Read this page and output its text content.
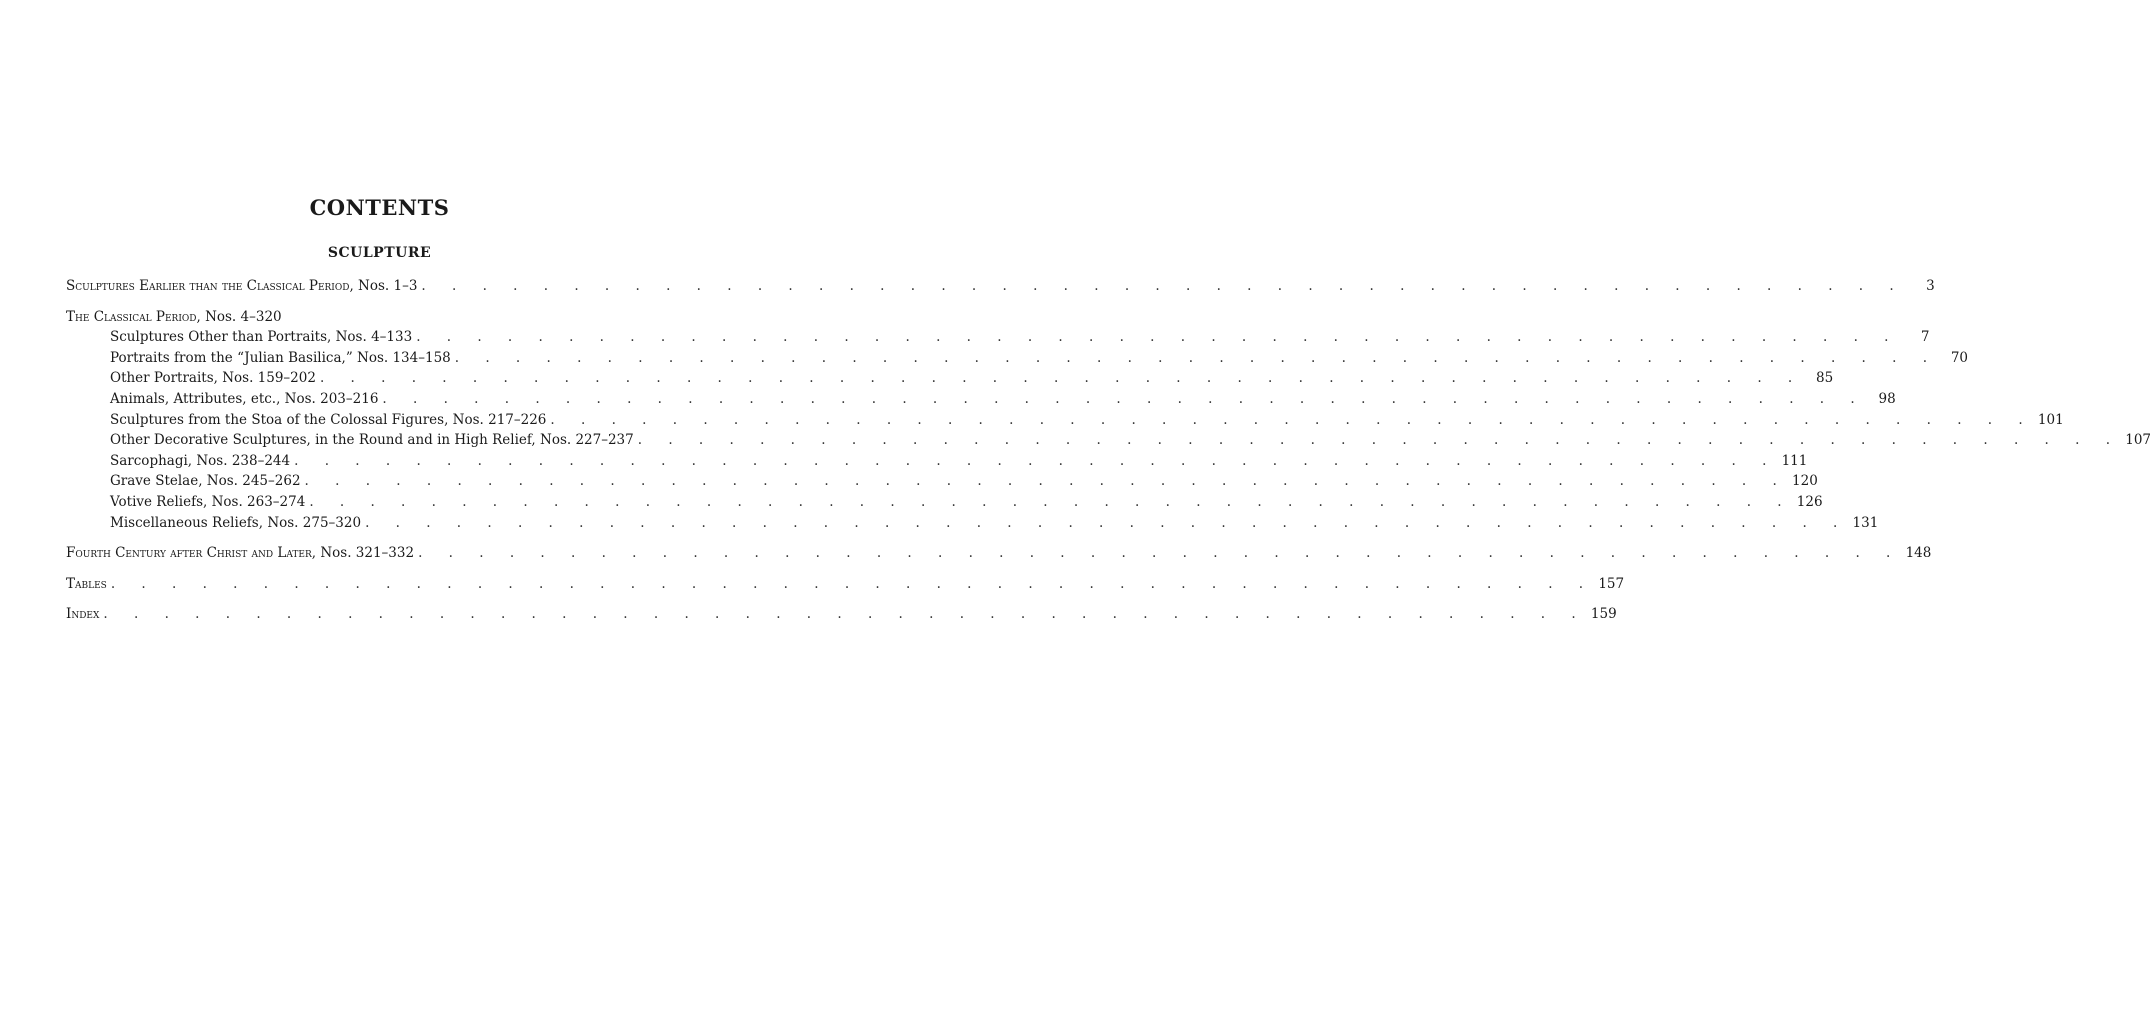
CONTENTS
SCULPTURE
Sculptures Earlier than the Classical Period, Nos. 1–3 . . . . . . . . . . . . . . . . . . . . . . . . . . . . . . . . . . . . . . . . . . . . . . . . .	3
The Classical Period, Nos. 4–320
Sculptures Other than Portraits, Nos. 4–133 . . . . . . . . . . . . . . . . . . . . . . . . . . . . . . . . . . . . . . . . . . . . . . . . .	7
Portraits from the “Julian Basilica,” Nos. 134–158 . . . . . . . . . . . . . . . . . . . . . . . . . . . . . . . . . . . . . . . . . . . . . . . . . 70
Other Portraits, Nos. 159–202 . . . . . . . . . . . . . . . . . . . . . . . . . . . . . . . . . . . . . . . . . . . . . . . . . 85
Animals, Attributes, etc., Nos. 203–216 . . . . . . . . . . . . . . . . . . . . . . . . . . . . . . . . . . . . . . . . . . . . . . . . . 98
Sculptures from the Stoa of the Colossal Figures, Nos. 217–226 . . . . . . . . . . . . . . . . . . . . . . . . . . . . . . . . . . . . . . . . . . . . . . . . . 101
Other Decorative Sculptures, in the Round and in High Relief, Nos. 227–237 . . . . . . . . . . . . . . . . . . . . . . . . . . . . . . . . . . . . . . . . . . . . . . . . . 107
Sarcophagi, Nos. 238–244 . . . . . . . . . . . . . . . . . . . . . . . . . . . . . . . . . . . . . . . . . . . . . . . . . 111
Grave Stelae, Nos. 245–262 . . . . . . . . . . . . . . . . . . . . . . . . . . . . . . . . . . . . . . . . . . . . . . . . . 120
Votive Reliefs, Nos. 263–274 . . . . . . . . . . . . . . . . . . . . . . . . . . . . . . . . . . . . . . . . . . . . . . . . . 126
Miscellaneous Reliefs, Nos. 275–320 . . . . . . . . . . . . . . . . . . . . . . . . . . . . . . . . . . . . . . . . . . . . . . . . . 131
Fourth Century after Christ and Later, Nos. 321–332 . . . . . . . . . . . . . . . . . . . . . . . . . . . . . . . . . . . . . . . . . . . . . . . . . 148
Tables . . . . . . . . . . . . . . . . . . . . . . . . . . . . . . . . . . . . . . . . . . . . . . . . . 157
Index . . . . . . . . . . . . . . . . . . . . . . . . . . . . . . . . . . . . . . . . . . . . . . . . . 159
